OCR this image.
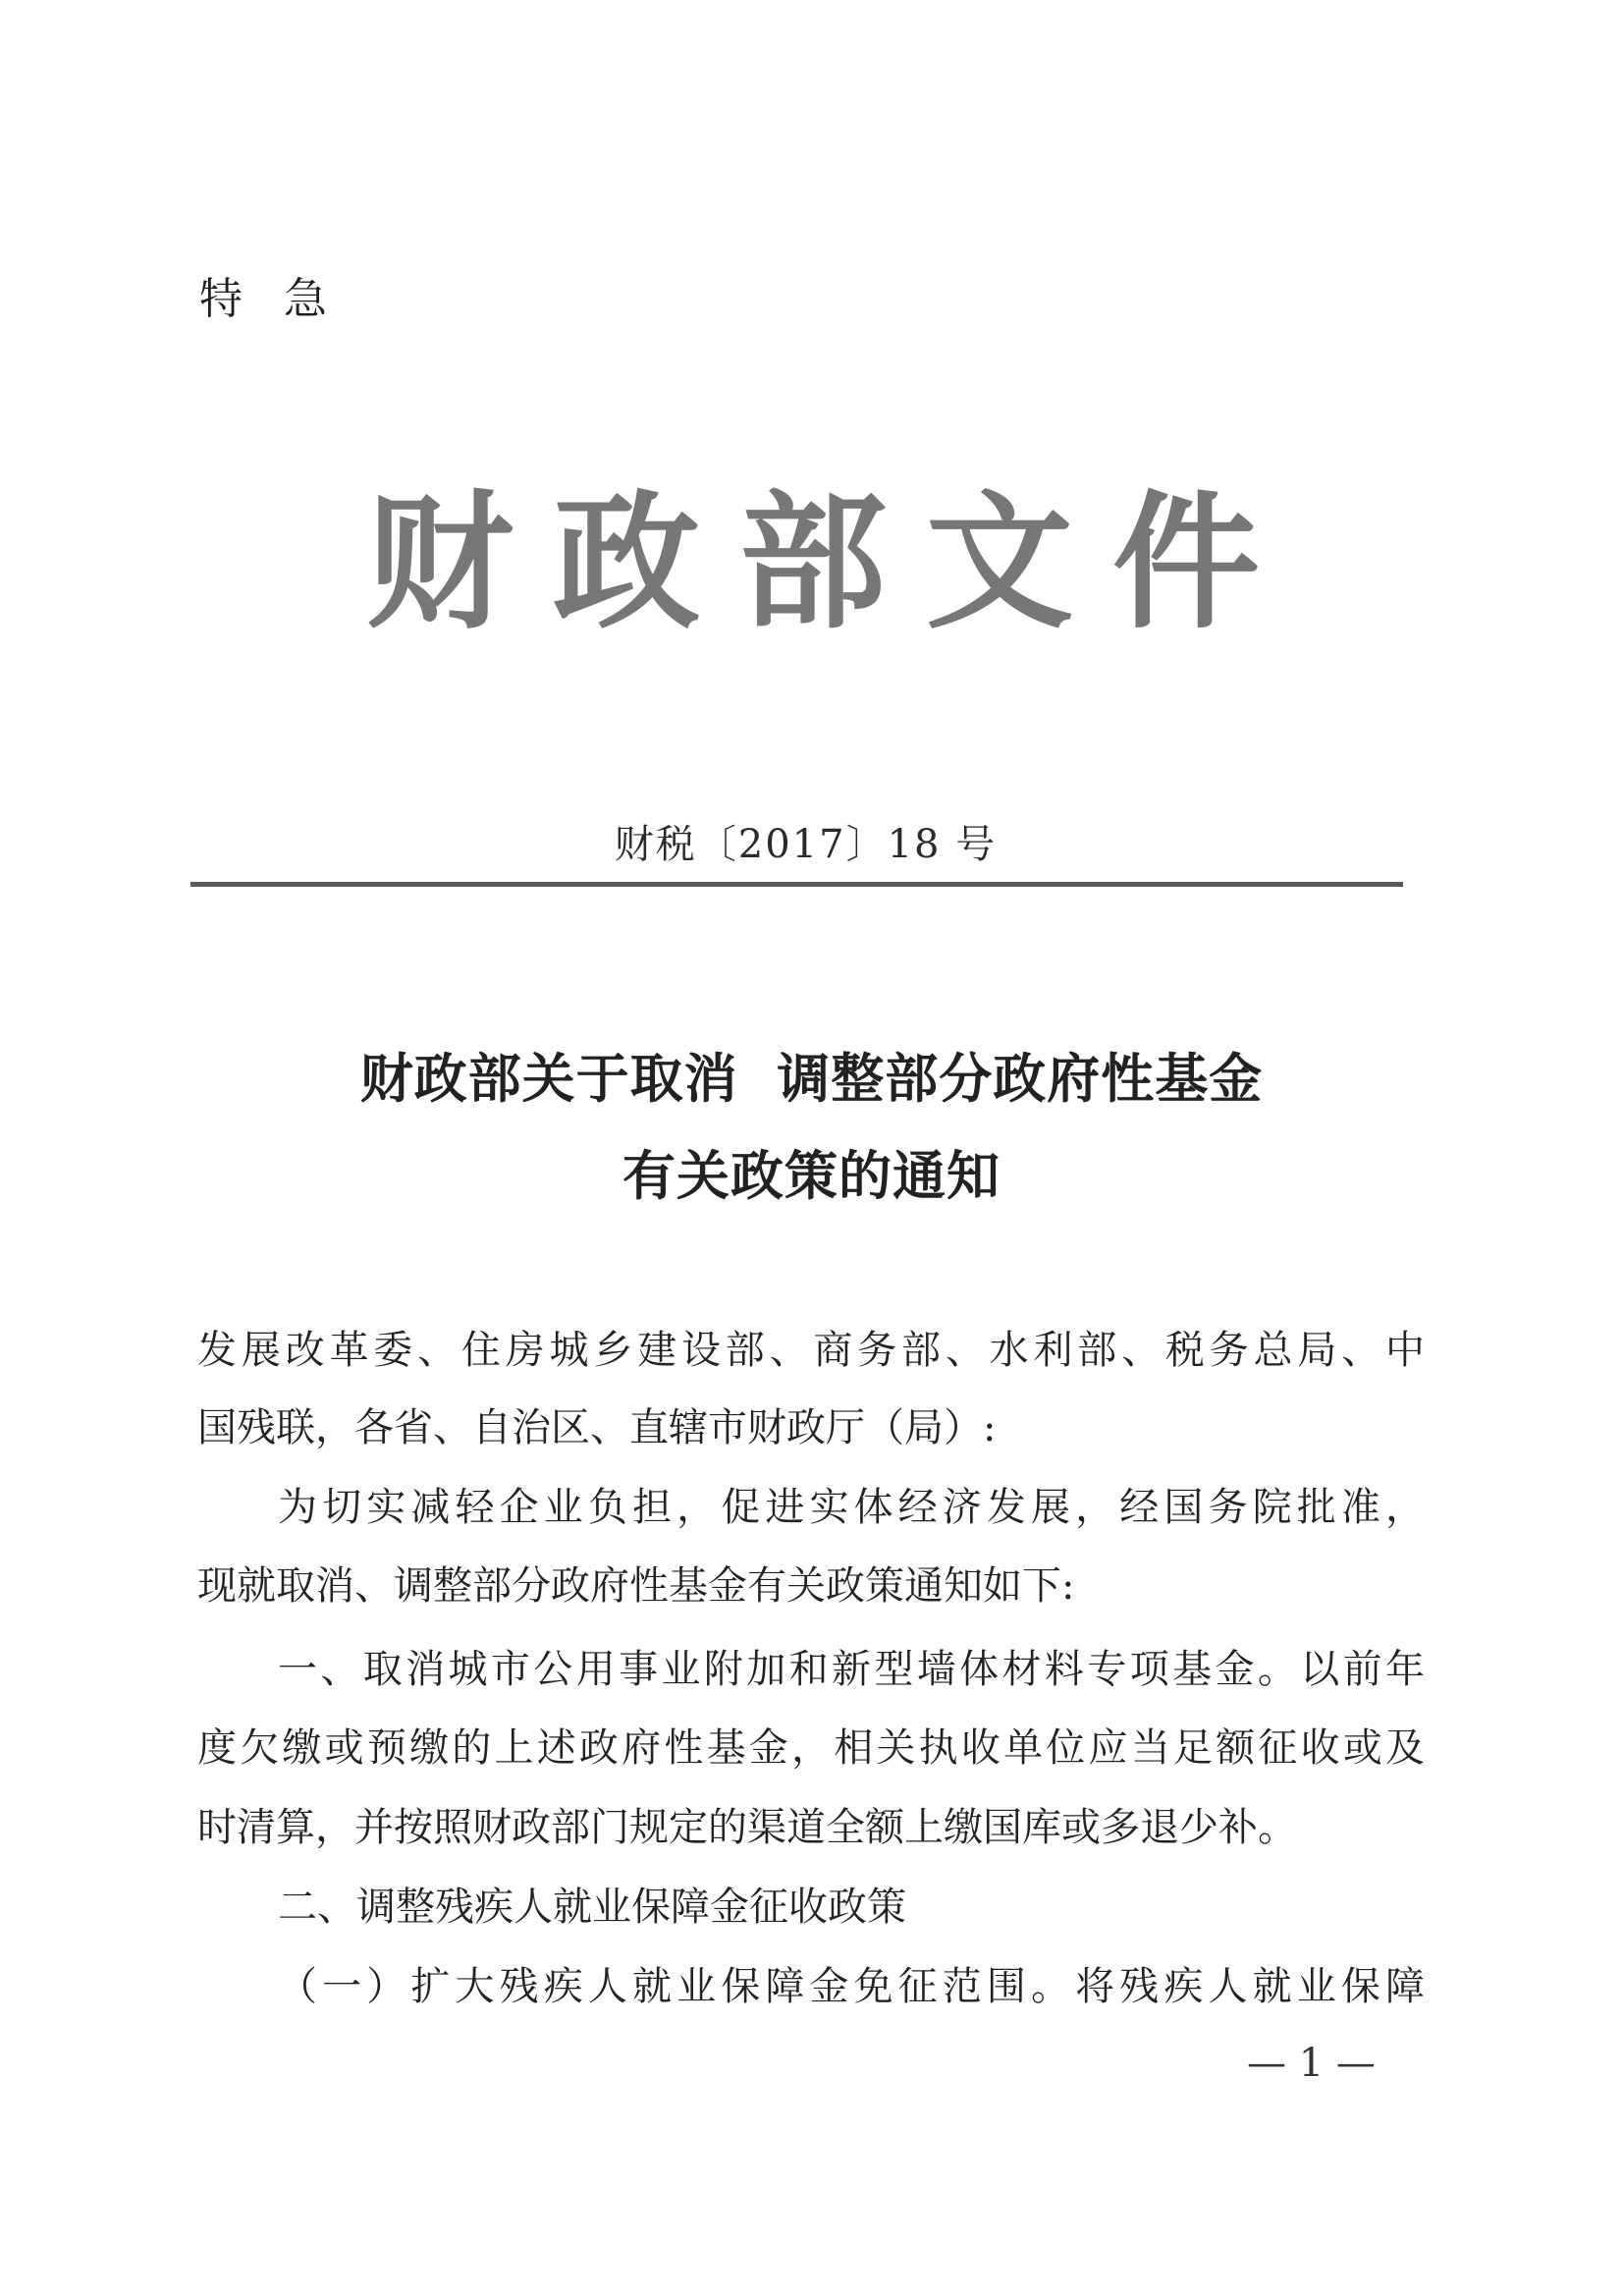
特急
财 政 部 文 件
财税〔2017〕18 号
财政部关于取消  调整部分政府性基金
有关政策的通知
发展改革委、住房城乡建设部、商务部、水利部、税务总局、中
国残联，各省、自治区、直辖市财政厅（局）:
为切实减轻企业负担，促进实体经济发展，经国务院批准，
现就取消、调整部分政府性基金有关政策通知如下:
一、取消城市公用事业附加和新型墙体材料专项基金。以前年
度欠缴或预缴的上述政府性基金，相关执收单位应当足额征收或及
时清算，并按照财政部门规定的渠道全额上缴国库或多退少补。
二、调整残疾人就业保障金征收政策
（一）扩大残疾人就业保障金免征范围。将残疾人就业保障
— 1 —
